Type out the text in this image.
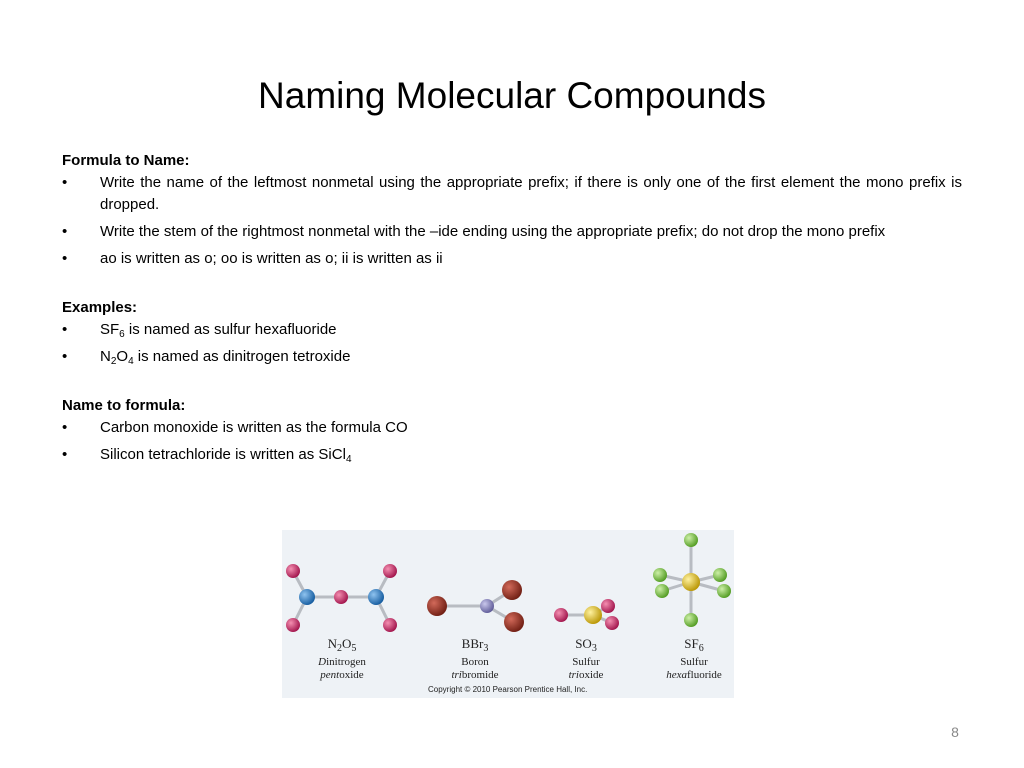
Naming Molecular Compounds

Formula to Name:

• Write the name of the leftmost nonmetal using the appropriate prefix; if there is only one of the first element the mono prefix is dropped.
• Write the stem of the rightmost nonmetal with the –ide ending using the appropriate prefix; do not drop the mono prefix
• ao is written as o; oo is written as o; ii is written as ii

Examples:

• $SF_6$ is named as sulfur hexafluoride
• $N_2O_4$ is named as dinitrogen tetroxide

Name to formula:

• Carbon monoxide is written as the formula CO
• Silicon tetrachloride is written as SiCl$_4$
$N_2O_5$
Dinitrogen
pentoxide
BBr$_3$
Boron
tribromide
$SO_3$
Sulfur
trioxide
$SF_6$
Sulfur
hexafluoride
Copyright © 2010 Pearson Prentice Hall, Inc.
8
